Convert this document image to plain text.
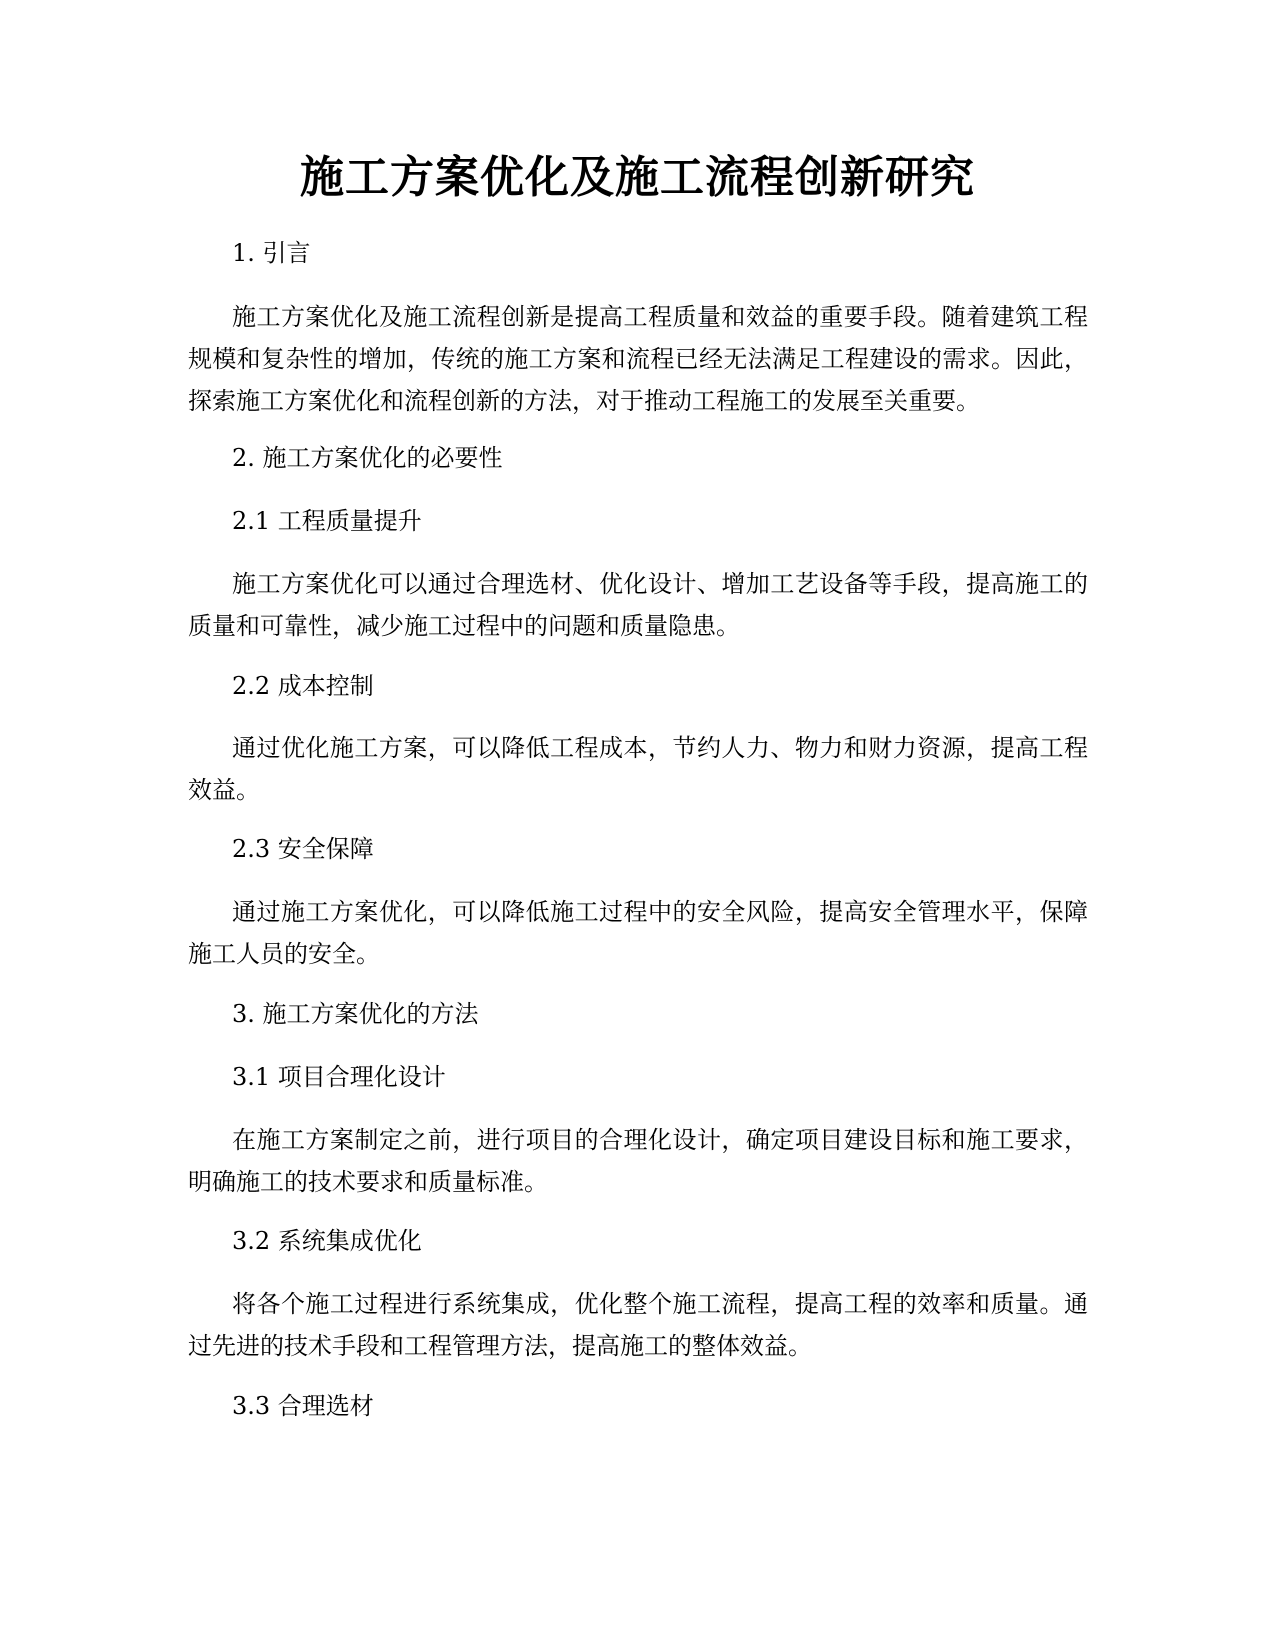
施工方案优化及施工流程创新研究
1. 引言
施工方案优化及施工流程创新是提高工程质量和效益的重要手段。随着建筑工程规模和复杂性的增加，传统的施工方案和流程已经无法满足工程建设的需求。因此，探索施工方案优化和流程创新的方法，对于推动工程施工的发展至关重要。
2. 施工方案优化的必要性
2.1 工程质量提升
施工方案优化可以通过合理选材、优化设计、增加工艺设备等手段，提高施工的质量和可靠性，减少施工过程中的问题和质量隐患。
2.2 成本控制
通过优化施工方案，可以降低工程成本，节约人力、物力和财力资源，提高工程效益。
2.3 安全保障
通过施工方案优化，可以降低施工过程中的安全风险，提高安全管理水平，保障施工人员的安全。
3. 施工方案优化的方法
3.1 项目合理化设计
在施工方案制定之前，进行项目的合理化设计，确定项目建设目标和施工要求，明确施工的技术要求和质量标准。
3.2 系统集成优化
将各个施工过程进行系统集成，优化整个施工流程，提高工程的效率和质量。通过先进的技术手段和工程管理方法，提高施工的整体效益。
3.3 合理选材
